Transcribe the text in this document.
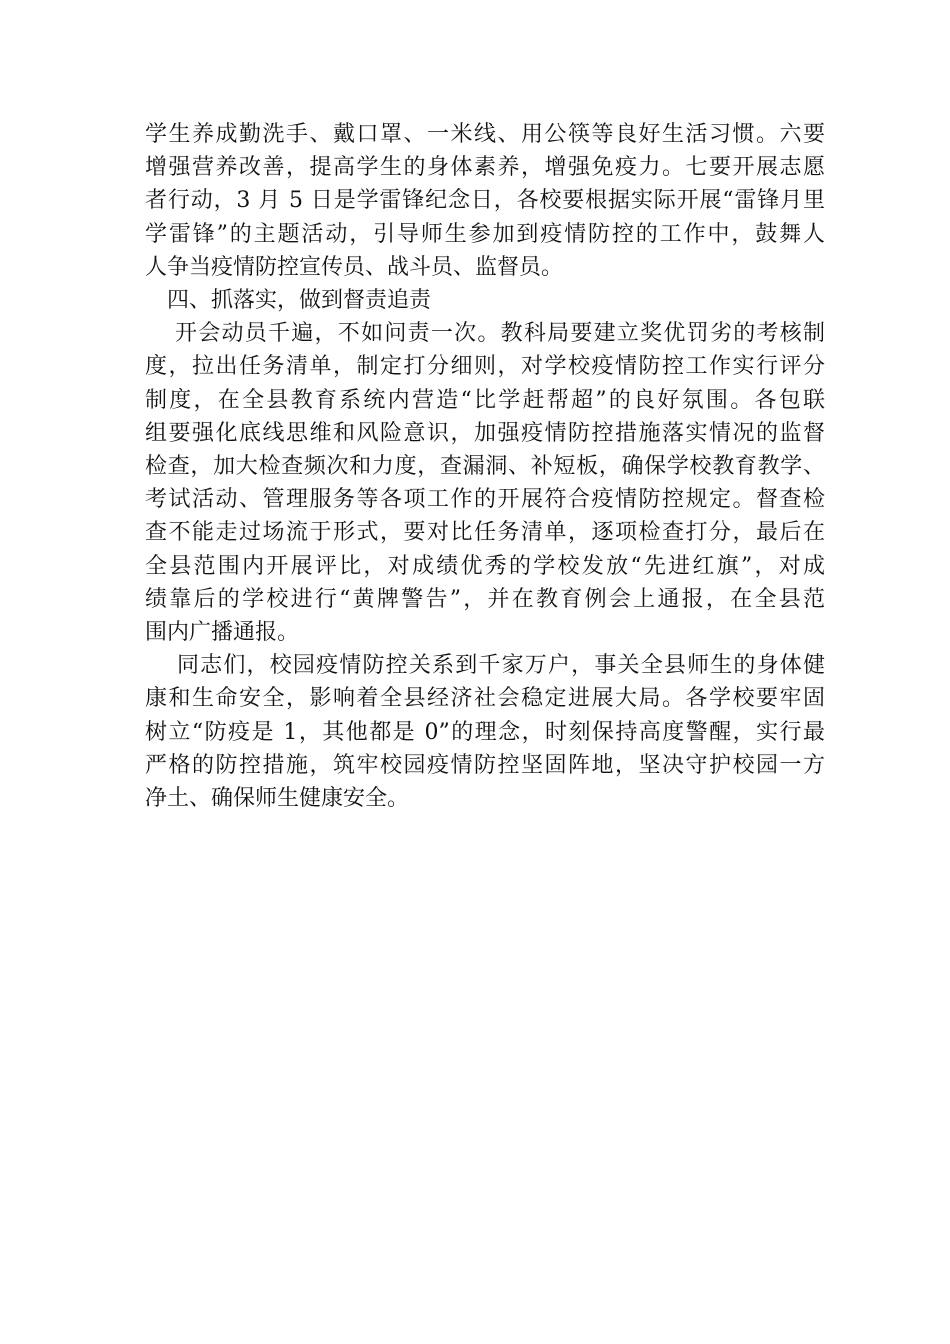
学生养成勤洗手、戴口罩、一米线、用公筷等良好生活习惯。六要
增强营养改善，提高学生的身体素养，增强免疫力。七要开展志愿
者行动，3 月 5 日是学雷锋纪念日，各校要根据实际开展“雷锋月里
学雷锋”的主题活动，引导师生参加到疫情防控的工作中，鼓舞人
人争当疫情防控宣传员、战斗员、监督员。
四、抓落实，做到督责追责
开会动员千遍，不如问责一次。教科局要建立奖优罚劣的考核制
度，拉出任务清单，制定打分细则，对学校疫情防控工作实行评分
制度，在全县教育系统内营造“比学赶帮超”的良好氛围。各包联
组要强化底线思维和风险意识，加强疫情防控措施落实情况的监督
检查，加大检查频次和力度，查漏洞、补短板，确保学校教育教学、
考试活动、管理服务等各项工作的开展符合疫情防控规定。督查检
查不能走过场流于形式，要对比任务清单，逐项检查打分，最后在
全县范围内开展评比，对成绩优秀的学校发放“先进红旗”，对成
绩靠后的学校进行“黄牌警告”，并在教育例会上通报，在全县范
围内广播通报。
同志们，校园疫情防控关系到千家万户，事关全县师生的身体健
康和生命安全，影响着全县经济社会稳定进展大局。各学校要牢固
树立“防疫是 1，其他都是 0”的理念，时刻保持高度警醒，实行最
严格的防控措施，筑牢校园疫情防控坚固阵地，坚决守护校园一方
净土、确保师生健康安全。
